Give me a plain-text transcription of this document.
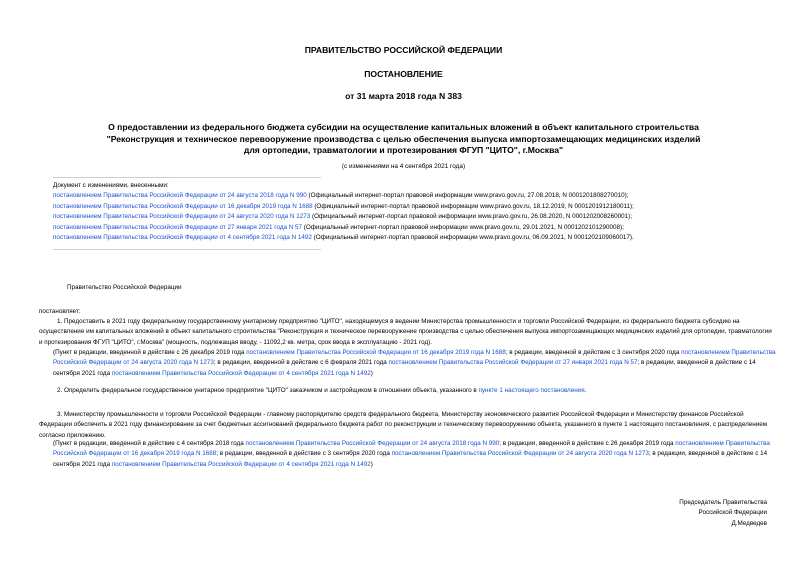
ПРАВИТЕЛЬСТВО РОССИЙСКОЙ ФЕДЕРАЦИИ
ПОСТАНОВЛЕНИЕ
от 31 марта 2018 года N 383
О предоставлении из федерального бюджета субсидии на осуществление капитальных вложений в объект капитального строительства "Реконструкция и техническое перевооружение производства с целью обеспечения выпуска импортозамещающих медицинских изделий для ортопедии, травматологии и протезирования ФГУП "ЦИТО", г.Москва"
(с изменениями на 4 сентября 2021 года)
Документ с изменениями, внесенными:
постановлением Правительства Российской Федерации от 24 августа 2018 года N 990 (Официальный интернет-портал правовой информации www.pravo.gov.ru, 27.08.2018, N 0001201808270010);
постановлением Правительства Российской Федерации от 16 декабря 2019 года N 1688 (Официальный интернет-портал правовой информации www.pravo.gov.ru, 18.12.2019, N 0001201912180011);
постановлением Правительства Российской Федерации от 24 августа 2020 года N 1273 (Официальный интернет-портал правовой информации www.pravo.gov.ru, 26.08.2020, N 0001202008260001);
постановлением Правительства Российской Федерации от 27 января 2021 года N 57 (Официальный интернет-портал правовой информации www.pravo.gov.ru, 29.01.2021, N 0001202101290008);
постановлением Правительства Российской Федерации от 4 сентября 2021 года N 1492 (Официальный интернет-портал правовой информации www.pravo.gov.ru, 06.09.2021, N 0001202109060017).
Правительство Российской Федерации
постановляет:
1. Предоставить в 2021 году федеральному государственному унитарному предприятию "ЦИТО", находящемуся в ведении Министерства промышленности и торговли Российской Федерации, из федерального бюджета субсидию на осуществление им капитальных вложений в объект капитального строительства "Реконструкция и техническое перевооружение производства с целью обеспечения выпуска импортозамещающих медицинских изделий для ортопедии, травматологии и протезирования ФГУП "ЦИТО", г.Москва" (мощность, подлежащая вводу, - 11092,2 кв. метра, срок ввода в эксплуатацию - 2021 год).
(Пункт в редакции, введенной в действие с 26 декабря 2019 года постановлением Правительства Российской Федерации от 16 декабря 2019 года N 1688; в редакции, введенной в действие с 3 сентября 2020 года постановлением Правительства Российской Федерации от 24 августа 2020 года N 1273; в редакции, введенной в действие с 6 февраля 2021 года постановлением Правительства Российской Федерации от 27 января 2021 года N 57; в редакции, введенной в действие с 14 сентября 2021 года постановлением Правительства Российской Федерации от 4 сентября 2021 года N 1492)
2. Определить федеральное государственное унитарное предприятие "ЦИТО" заказчиком и застройщиком в отношении объекта, указанного в пункте 1 настоящего постановления.
3. Министерству промышленности и торговли Российской Федерации - главному распорядителю средств федерального бюджета, Министерству экономического развития Российской Федерации и Министерству финансов Российской Федерации обеспечить в 2021 году финансирование за счет бюджетных ассигнований федерального бюджета работ по реконструкции и техническому перевооружению объекта, указанного в пункте 1 настоящего постановления, с распределением согласно приложению.
(Пункт в редакции, введенной в действие с 4 сентября 2018 года постановлением Правительства Российской Федерации от 24 августа 2018 года N 990; в редакции, введенной в действие с 26 декабря 2019 года постановлением Правительства Российской Федерации от 16 декабря 2019 года N 1688; в редакции, введенной в действие с 3 сентября 2020 года постановлением Правительства Российской Федерации от 24 августа 2020 года N 1273; в редакции, введенной в действие с 14 сентября 2021 года постановлением Правительства Российской Федерации от 4 сентября 2021 года N 1492)
Председатель Правительства
Российской Федерации
Д.Медведев
